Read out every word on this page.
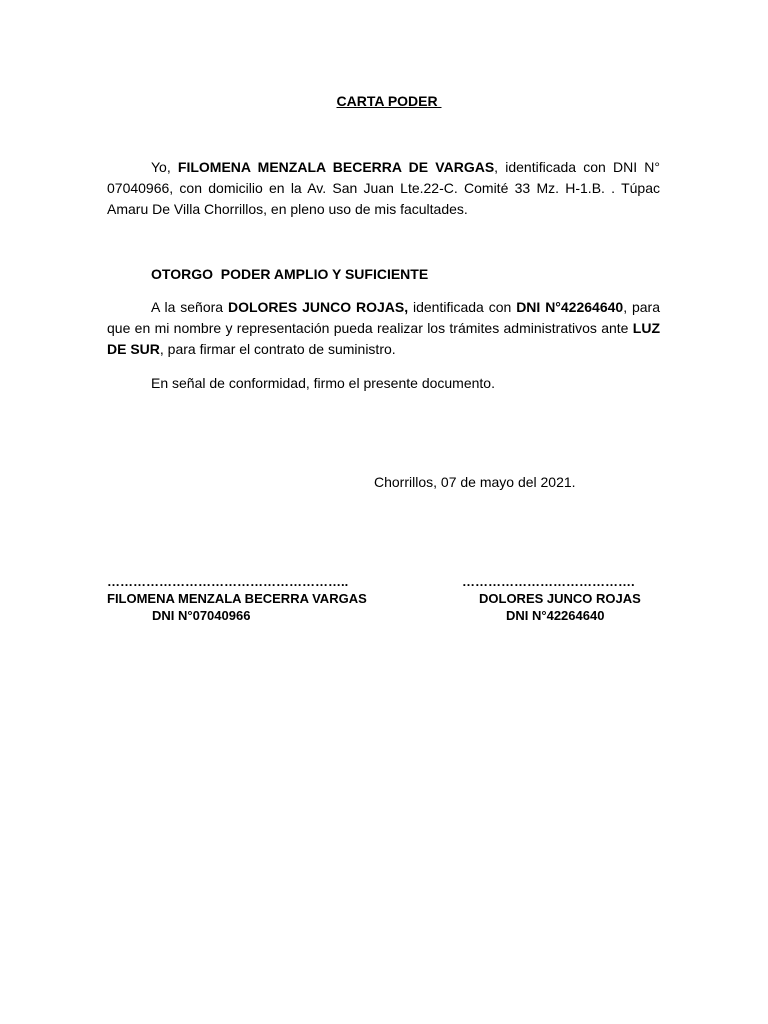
CARTA PODER
Yo, FILOMENA MENZALA BECERRA DE VARGAS, identificada con DNI N° 07040966, con domicilio en la Av. San Juan Lte.22-C. Comité 33 Mz. H-1.B. . Túpac Amaru De Villa Chorrillos, en pleno uso de mis facultades.
OTORGO  PODER AMPLIO Y SUFICIENTE
A la señora DOLORES JUNCO ROJAS, identificada con DNI N°42264640, para que en mi nombre y representación pueda realizar los trámites administrativos ante LUZ DE SUR, para firmar el contrato de suministro.
En señal de conformidad, firmo el presente documento.
Chorrillos, 07 de mayo del 2021.
………………………………………………..
FILOMENA MENZALA BECERRA VARGAS
DNI N°07040966
………………………………….
DOLORES JUNCO ROJAS
DNI N°42264640
